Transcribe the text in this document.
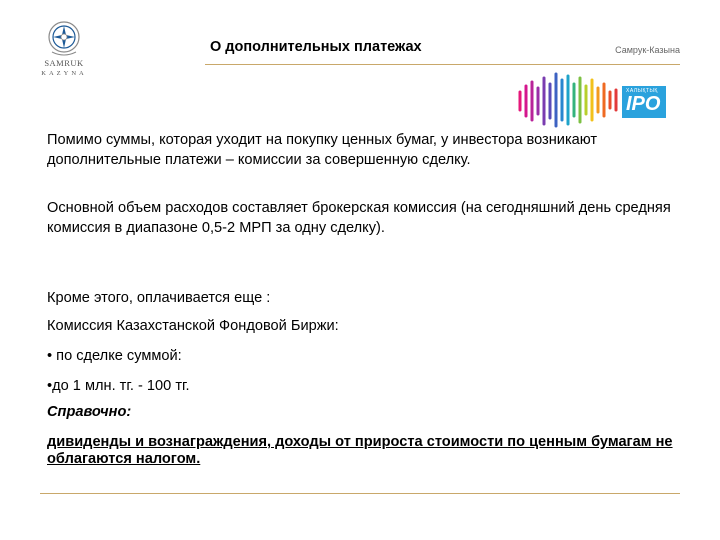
SAMRUK
KAZYNA
О дополнительных платежах	Самрук-Казына
ХАЛЫҚТЫҚ
IPO

Помимо суммы, которая уходит на покупку ценных бумаг, у инвестора возникают дополнительные платежи – комиссии за совершенную сделку.

Основной объем расходов составляет брокерская комиссия (на сегодняшний день средняя комиссия в диапазоне 0,5-2 МРП за одну сделку).

Кроме этого, оплачивается еще :

Комиссия Казахстанской Фондовой Биржи:

• по сделке суммой:

•до 1 млн. тг. - 100 тг.

Справочно:

дивиденды и вознаграждения, доходы от прироста стоимости по ценным бумагам не облагаются налогом.
